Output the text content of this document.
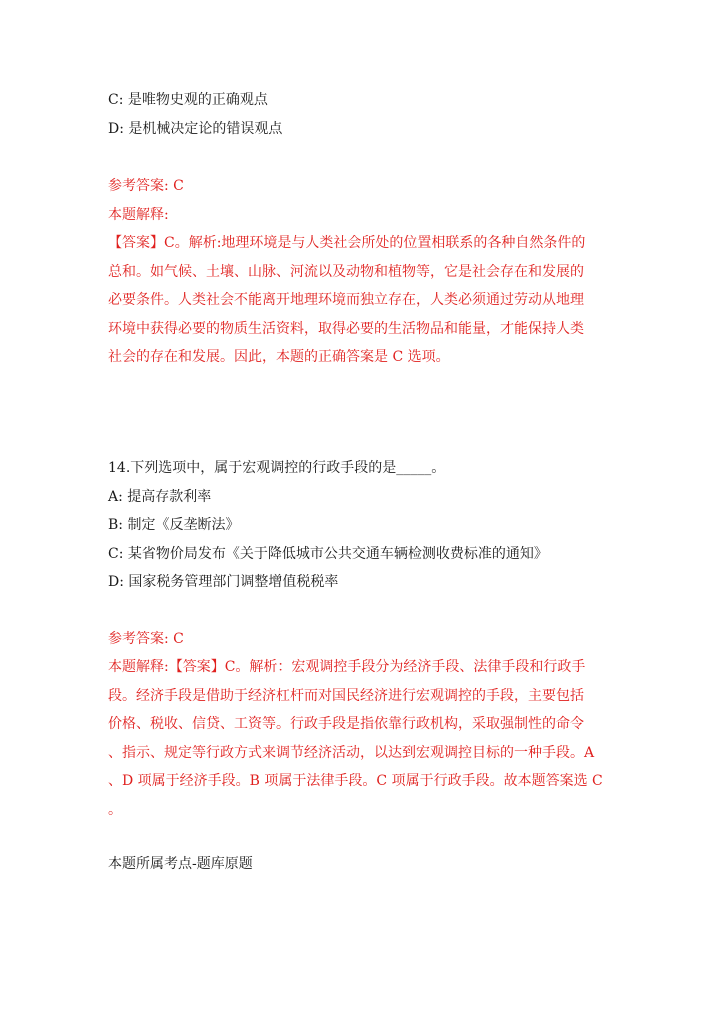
C: 是唯物史观的正确观点
D: 是机械决定论的错误观点
参考答案: C
本题解释:
【答案】C。解析:地理环境是与人类社会所处的位置相联系的各种自然条件的
总和。如气候、土壤、山脉、河流以及动物和植物等，它是社会存在和发展的
必要条件。人类社会不能离开地理环境而独立存在，人类必须通过劳动从地理
环境中获得必要的物质生活资料，取得必要的生活物品和能量，才能保持人类
社会的存在和发展。因此，本题的正确答案是 C 选项。
14.下列选项中，属于宏观调控的行政手段的是_____。
A: 提高存款利率
B: 制定《反垄断法》
C: 某省物价局发布《关于降低城市公共交通车辆检测收费标准的通知》
D: 国家税务管理部门调整增值税税率
参考答案: C
本题解释:【答案】C。解析：宏观调控手段分为经济手段、法律手段和行政手
段。经济手段是借助于经济杠杆而对国民经济进行宏观调控的手段，主要包括
价格、税收、信贷、工资等。行政手段是指依靠行政机构，采取强制性的命令
、指示、规定等行政方式来调节经济活动，以达到宏观调控目标的一种手段。A
、D 项属于经济手段。B 项属于法律手段。C 项属于行政手段。故本题答案选 C
。
本题所属考点-题库原题
